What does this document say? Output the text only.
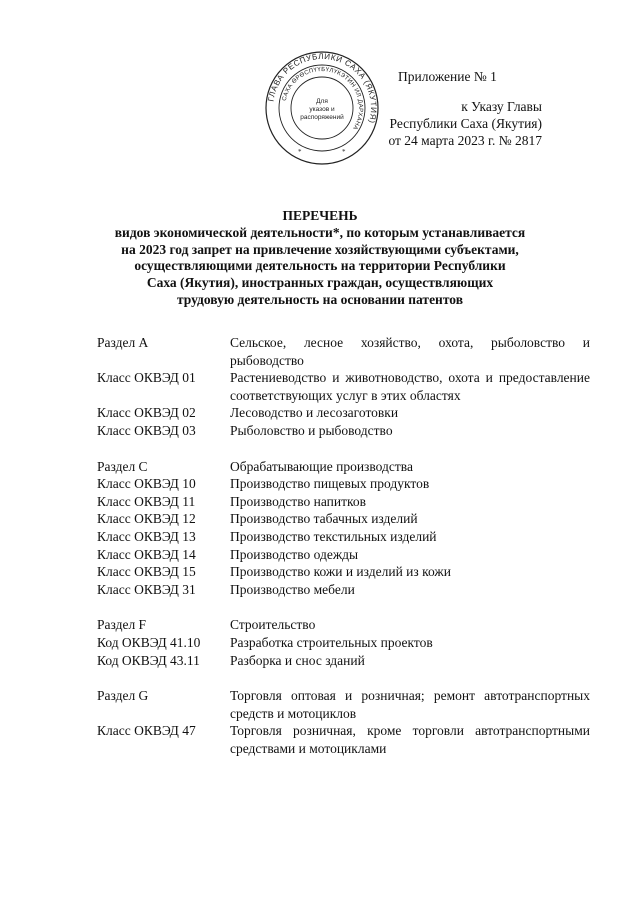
ГЛАВА РЕСПУБЛИКИ САХА (ЯКУТИЯ)
САХА ӨРӨСПҮҮБҮЛҮКЭТИН ИЛ ДАРХАНА
Для
указов и
распоряжений
*	*
Приложение № 1
к Указу Главы
Республики Саха (Якутия)
от 24 марта 2023 г. № 2817
ПЕРЕЧЕНЬ
видов экономической деятельности*, по которым устанавливается
на 2023 год запрет на привлечение хозяйствующими субъектами,
осуществляющими деятельность на территории Республики
Саха (Якутия), иностранных граждан, осуществляющих
трудовую деятельность на основании патентов
Раздел А	Сельское, лесное хозяйство, охота, рыболовство и рыбоводство
Класс ОКВЭД 01	Растениеводство и животноводство, охота и предоставление соответствующих услуг в этих областях
Класс ОКВЭД 02	Лесоводство и лесозаготовки
Класс ОКВЭД 03	Рыболовство и рыбоводство
Раздел С	Обрабатывающие производства
Класс ОКВЭД 10	Производство пищевых продуктов
Класс ОКВЭД 11	Производство напитков
Класс ОКВЭД 12	Производство табачных изделий
Класс ОКВЭД 13	Производство текстильных изделий
Класс ОКВЭД 14	Производство одежды
Класс ОКВЭД 15	Производство кожи и изделий из кожи
Класс ОКВЭД 31	Производство мебели
Раздел F	Строительство
Код ОКВЭД 41.10	Разработка строительных проектов
Код ОКВЭД 43.11	Разборка и снос зданий
Раздел G	Торговля оптовая и розничная; ремонт автотранспортных средств и мотоциклов
Класс ОКВЭД 47	Торговля розничная, кроме торговли автотранспортными средствами и мотоциклами
